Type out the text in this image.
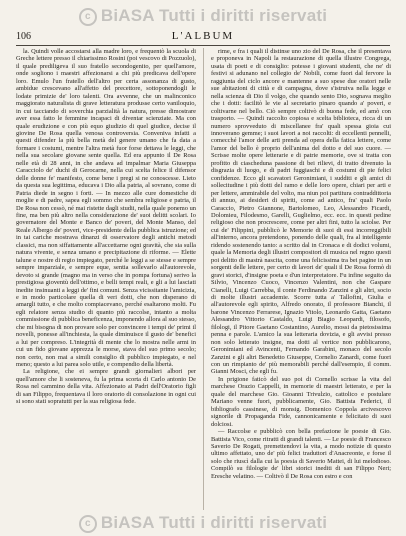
c BiASA Tutti i diritti riservati
106	L'ALBUM

la. Quindi volle accostarsi alla madre loro, e frequentò la scuola di Greche lettere presso il chiarissimo Rosini (poi vescovo di Pozzuolo), il quale prediligeva il suo fratello secondogenito, per quell'amore, onde sogliono i maestri affezionarsi a chi più predicava dell'opere loro. Emulo l'un fratello dell'altro per certa assonanza di gusto, ambidue crescevano all'affetto del precettore, sottoponendogli le lodate primizie de' loro talenti. Ora avvenne, che un malinconico maggiorato naturalista di grave letteratura produsse certo vaniloquio, in cui tacciando di soverchia parzialità la natura, presse dimostrare aver essa fatto le femmine incapaci di diventar scienziate. Ma con quale erudizione e con più equo giudizio di quel giudice, decise il giovine De Rosa quella venosa controversia. Conveniva infatti a questi difender la più bella metà del genere umano che fa data a formare i costumi, mentre l'altra metà fuor forse dettava le leggi, che nella sua secolare giovane sente quella. Ed era appunto il De Rosa nelle età di 28 anni, in che andava ad impalmar Maria Giuseppa Caracciolo de' duchi di Gerocarne, nella cui scelta felice il difensor delle donne fe' manifesto, come bene i pregi si ne conoscesse. Lieto da questa sua legittima, educava i Dio alla patria, al sovrano, come di Patria diede in segno i forti. — In mezzo alle cure domestiche di moglie e di padre, sapea egli sommo che sembra religiose e patria, il De Rosa non cessò, né mai ristette dagli studii, nella quale ponemo un fine, ma ben più altro nella considerazione de' suoi delitti scolari. Io governatore del Monte e Banco de' poveri, del Monte Manso, del Reale Albergo de' poveri, vice-presidente della pubblica istruzione; ed in tai cariche mostrava dinanzi di osservatore degli antichi metodi classici, ma non siffattamente all'accettarne ogni gravità, che sia sulla natura vivente, e senza umano e precipitazione di riforme. — Elette talune e nostre di regio impiegato, perché le leggi a se stesse e sempre sempre imparziale, e sempre eque, sentia sollevarlo all'autorevole, devoto si grande (magno ma in verso che in pompa fortuna) serivo la prestigiosa gioventù dell'ottimo, e belli tempi reali, e gli a lui lasciati inedite insinuanti a leggi de' fini comuni. Senza vicissitante l'amicizia, e in modo particolare quella di veri dotti, che non disperano di amargli tutto, e che molto compiacevano, perché esaltarono molti. Fu egli relatore senza studio di quanto più raccolse, intanto a molta commissione di pubblica beneficenza, imponendo allora al suo stesso, che mi bisogna di non provare solo per convincere i tempi de' primi il novelli, ponesse all'inchiesta, la quale diminuisce il gusto de' benefici a lui per compreso. L'integrità di mente che lo mostra nelle armi in cui un fido giovane apprezza le morse, stava del suo primo secolo; non certo, non mai a simili consiglio di pubblico impiegato, e nel meno; questo a lui parea solo utile, e compendio della libertà.

La religione, che ei sempre grandi giornalieri albori per quell'amore che li sosteneva, fu la prima scorta di Carlo antonio De Rosa nel cammino della vita. Affezionato ai Padri dell'Oratorio figli di san Filippo, frequentava il loro oratorio di consolazione in ogni cui si sono stati sopratutti per la sua religiosa fede.

rime, e fra i quali il distinse uno zio del De Rosa, che il presentava e proponeva in Napoli la restaurazione di quella illustre Congrega, usata di poeti e di consiglio: potesse i giovani studenti, che ne' di festivi si adunano nel collegio de' Nobili, come fuori dal fervore la raggiunta del ciclo ancore e mantenne a suo spese due oratori nelle sue abitazioni di città e di campagna, dove s'istruiva nella legge e nella scienza di Dio il volgo, che quando sento Dio, sognava meglio che i dotti: facilitò le vie al secretario pinaro quando a' poveri, e coltivarne nel bello. Ciò sempre coltivò di buona fede, ed amò con trasporto. — Quindi raccolto copiosa e scelta biblioteca, ricca di un numero sprovveduto di miscellanee fra' quali spessa gioia cui innoverano gemme; i suoi lavori a noi raccolti: di eccellenti pennelli, comecché l'amor delle arti prenda ad opera della fatica lettere, come l'amor del bello è proprio dell'anima del dotto e del suo cuore. — Scrisse molte opere letterarie e di patrie memorie, ove si tratta con profitto di ciascheduna passione di bei rilievi, di tratto divenuto la disgrazia di luogo, e di padri fuggiaschi e di costumi di pie felici confidenze. Ecco gli scavatori Geronimiani, i sudditi e gli amici di sollecitudine i più dotti del ramo e delle loro opere, chiari per arti e per lettere, ammirabile del volto, ma niun poi partitura contraddittoria di annuo, ai desideri di spiriti, come ad antico, fra' quali Paolo Caraccio, Pietro Giannone, Bartolomeo, Leo, Alessandro Ficardi, Dolomieu, Filodesmo, Garelli, Guglielmo, ecc. ecc. in questi pedine religioso che non procrescere, come per altri fini, tutto la sciolse. Per cui de' Filippini, pubblicò le Memorie di suoi di essi incorreggibili all'interno, ancora pretendono, ponendo delle quali, fra al intelligente ridendo sostenendo tanto: a scritto dal in Cronaca e di dodici volumi, quale la Memoria degli illustri compositori di musica nel regno questi poi delitto di mastrà nascita, come una felicissima tra bei pagine in un sorgenti delle lettere, per certo di lavori de' quali il De Rosa formò di gravi storici, d'insigne poeta e d'un interpretatore. Fu infine seguito da Silvio, Vincenzo Cuoco, Vincenzo Valentini, non che Gaspare Cianelli, Luigi Carrebba, il conte Ferdinando Zanzini e gli altri, socio di molte illustri accademie. Scorre tutta a' Tallofini, Giulia e all'autorevole egli spirito, Alfredo onorato, il professore Bianchi, il barone Vincenzo Ferrarese, Ignazio Vitolo, Leonardo Gatta, Gaetano Alessandro Vittorio Castaldo, Luigi Biagio Leopardi, filosofo, filologi, il Pitore Gaetano Costantino, Aurelio, mossi da pietosissima penna e parole. L'amico la sua letteraria dovizia, e gli avvisi presso non solo letterato insigne, ma dotti al vertice non pubblicarono, Geronimiani ed Avincenti, Fernando Garabini, monaco del secolo Zanzini e gli altri Benedetto Giuseppe, Cornelio Zanardi, come fuori con un rimpianto de' più memorabili perché dall'esempio, il comm. Gianni Mosci, che egli fu.

In prigione faticò del suo poi di Cornello scrisse la vita del marchese Orazio Cappelli, in memorie di maestri letterato, e per la quale del marchese Gio. Gioanni Trivulzio, cattolico e postulare Mariano venne fuori, pubblicamente, Gio. Battista Federici, il bibliografo cassinese, di monsig. Domenico Coppola arcivescovo signorile di Propaganda Fide, cannonicamente e felicitato di suoi dolciosi.

— Raccolse e pubblicò con bella prefazione le poesie di Gio. Battista Vico, come ritratti di grandi talenti. — Le poesie di Francesco Saverio De Rogati, premettendovi la vita, a modo notizie di questo ultimo affettato, uno de' più felici traduttori d'Anacreonte, e forse il solo che riuscì dalla cui la poesia di Saverio Mattei, di lui melodioso. Compilò su filologie de' libri storici inediti di san Filippo Neri; Eresche velatino. — Coltivò il De Rosa con estro e con

c BiASA Tutti i diritti riservati
